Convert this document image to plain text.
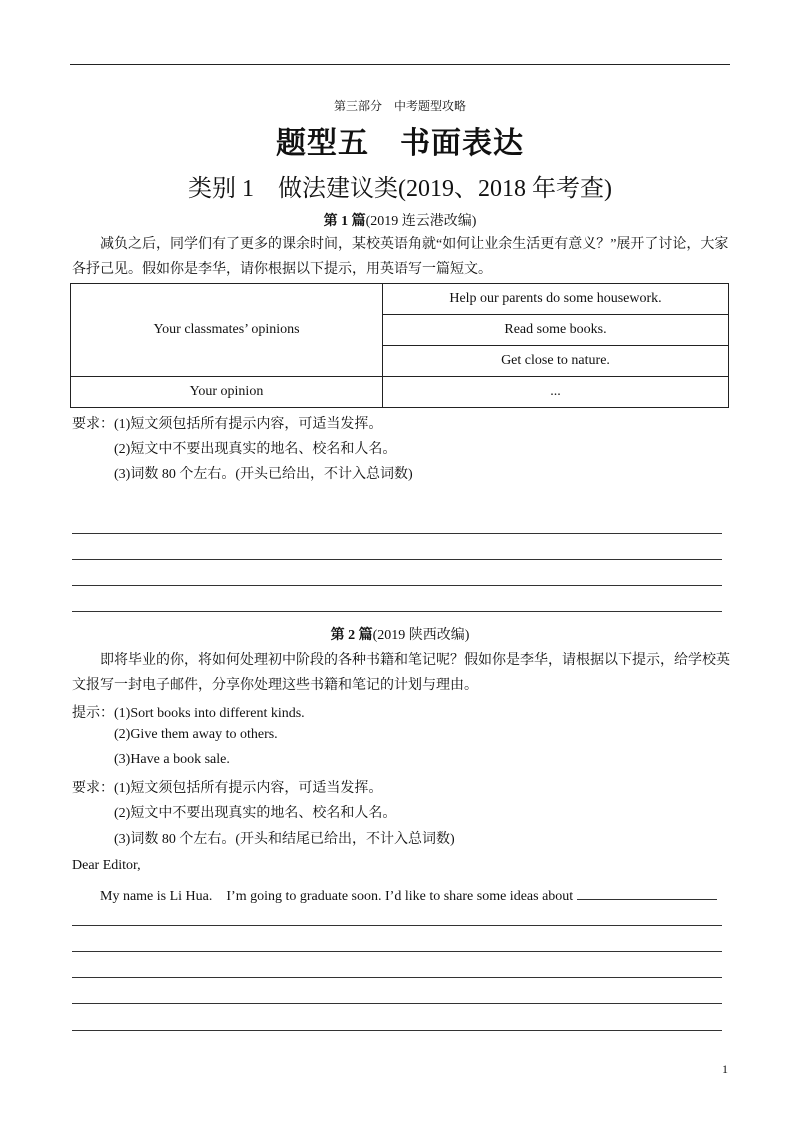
第三部分　中考题型攻略
题型五　书面表达
类别 1　做法建议类(2019、2018 年考查)
第 1 篇(2019 连云港改编)
减负之后，同学们有了更多的课余时间，某校英语角就“如何让业余生活更有意义？”展开了讨论，大家各抒己见。假如你是李华，请你根据以下提示，用英语写一篇短文。
Your classmates’ opinions	Help our parents do some housework.
	Read some books.
	Get close to nature.
Your opinion	...
要求：(1)短文须包括所有提示内容，可适当发挥。
(2)短文中不要出现真实的地名、校名和人名。
(3)词数 80 个左右。(开头已给出，不计入总词数)
第 2 篇(2019 陕西改编)
即将毕业的你，将如何处理初中阶段的各种书籍和笔记呢？假如你是李华，请根据以下提示，给学校英文报写一封电子邮件，分享你处理这些书籍和笔记的计划与理由。
提示：(1)Sort books into different kinds.
(2)Give them away to others.
(3)Have a book sale.
要求：(1)短文须包括所有提示内容，可适当发挥。
(2)短文中不要出现真实的地名、校名和人名。
(3)词数 80 个左右。(开头和结尾已给出，不计入总词数)
Dear Editor,
My name is Li Hua.　I’m going to graduate soon. I’d like to share some ideas about
1
